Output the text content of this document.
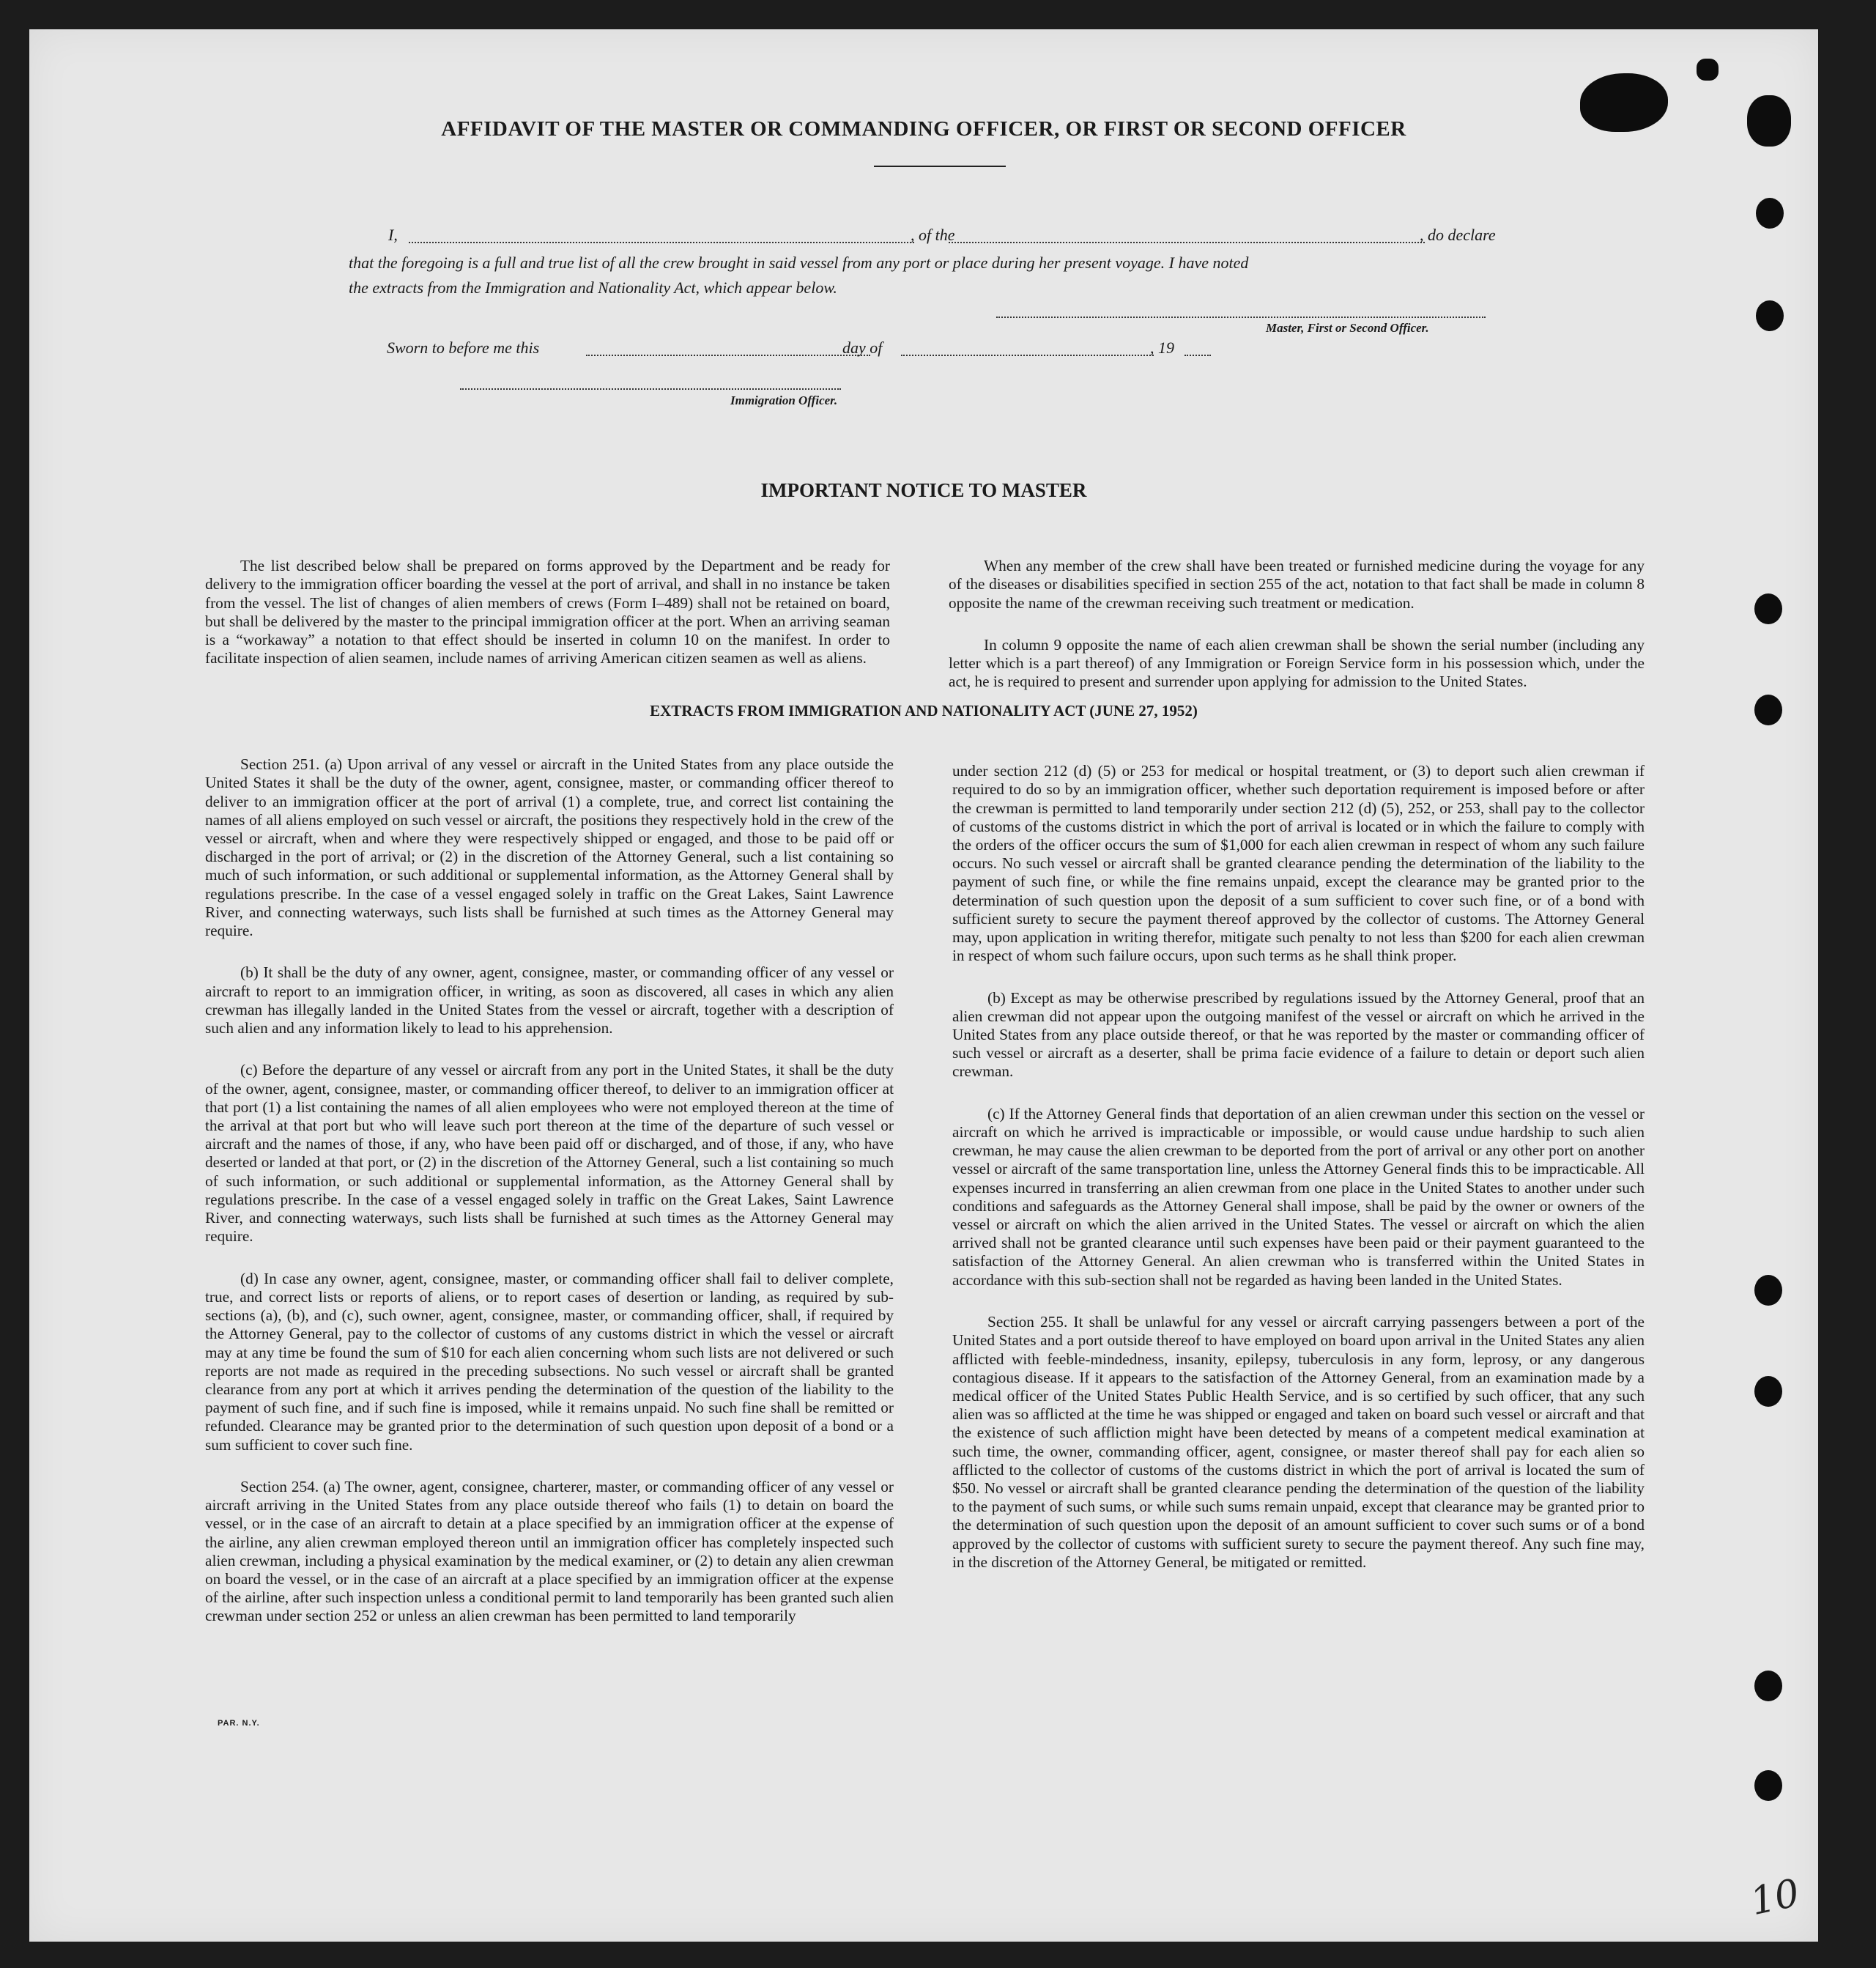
AFFIDAVIT OF THE MASTER OR COMMANDING OFFICER, OR FIRST OR SECOND OFFICER
I,	, of the	, do declare
that the foregoing is a full and true list of all the crew brought in said vessel from any port or place during her present voyage. I have noted
the extracts from the Immigration and Nationality Act, which appear below.
Master, First or Second Officer.
Sworn to before me this	day of	, 19
Immigration Officer.
IMPORTANT NOTICE TO MASTER

The list described below shall be prepared on forms approved by the Department and be ready for delivery to the immigration officer boarding the vessel at the port of arrival, and shall in no instance be taken from the vessel. The list of changes of alien members of crews (Form I–489) shall not be retained on board, but shall be delivered by the master to the principal immigration officer at the port. When an arriving seaman is a “workaway” a notation to that effect should be inserted in column 10 on the manifest. In order to facilitate inspection of alien seamen, include names of arriving American citizen seamen as well as aliens.

When any member of the crew shall have been treated or furnished medicine during the voyage for any of the diseases or disabilities specified in section 255 of the act, notation to that fact shall be made in column 8 opposite the name of the crewman receiving such treatment or medication.

In column 9 opposite the name of each alien crewman shall be shown the serial number (including any letter which is a part thereof) of any Immigration or Foreign Service form in his possession which, under the act, he is required to present and surrender upon applying for admission to the United States.

EXTRACTS FROM IMMIGRATION AND NATIONALITY ACT (JUNE 27, 1952)

Section 251. (a) Upon arrival of any vessel or aircraft in the United States from any place outside the United States it shall be the duty of the owner, agent, consignee, master, or commanding officer thereof to deliver to an immigration officer at the port of arrival (1) a complete, true, and correct list containing the names of all aliens employed on such vessel or aircraft, the positions they respectively hold in the crew of the vessel or aircraft, when and where they were respectively shipped or engaged, and those to be paid off or discharged in the port of arrival; or (2) in the discretion of the Attorney General, such a list containing so much of such information, or such additional or supplemental information, as the Attorney General shall by regulations prescribe. In the case of a vessel engaged solely in traffic on the Great Lakes, Saint Lawrence River, and connecting waterways, such lists shall be furnished at such times as the Attorney General may require.

(b) It shall be the duty of any owner, agent, consignee, master, or commanding officer of any vessel or aircraft to report to an immigration officer, in writing, as soon as discovered, all cases in which any alien crewman has illegally landed in the United States from the vessel or aircraft, together with a description of such alien and any information likely to lead to his apprehension.

(c) Before the departure of any vessel or aircraft from any port in the United States, it shall be the duty of the owner, agent, consignee, master, or commanding officer thereof, to deliver to an immigration officer at that port (1) a list containing the names of all alien employees who were not employed thereon at the time of the arrival at that port but who will leave such port thereon at the time of the departure of such vessel or aircraft and the names of those, if any, who have been paid off or discharged, and of those, if any, who have deserted or landed at that port, or (2) in the discretion of the Attorney General, such a list containing so much of such information, or such additional or supplemental information, as the Attorney General shall by regulations prescribe. In the case of a vessel engaged solely in traffic on the Great Lakes, Saint Lawrence River, and connecting waterways, such lists shall be furnished at such times as the Attorney General may require.

(d) In case any owner, agent, consignee, master, or commanding officer shall fail to deliver complete, true, and correct lists or reports of aliens, or to report cases of desertion or landing, as required by sub-sections (a), (b), and (c), such owner, agent, consignee, master, or commanding officer, shall, if required by the Attorney General, pay to the collector of customs of any customs district in which the vessel or aircraft may at any time be found the sum of $10 for each alien concerning whom such lists are not delivered or such reports are not made as required in the preceding subsections. No such vessel or aircraft shall be granted clearance from any port at which it arrives pending the determination of the question of the liability to the payment of such fine, and if such fine is imposed, while it remains unpaid. No such fine shall be remitted or refunded. Clearance may be granted prior to the determination of such question upon deposit of a bond or a sum sufficient to cover such fine.

Section 254. (a) The owner, agent, consignee, charterer, master, or commanding officer of any vessel or aircraft arriving in the United States from any place outside thereof who fails (1) to detain on board the vessel, or in the case of an aircraft to detain at a place specified by an immigration officer at the expense of the airline, any alien crewman employed thereon until an immigration officer has completely inspected such alien crewman, including a physical examination by the medical examiner, or (2) to detain any alien crewman on board the vessel, or in the case of an aircraft at a place specified by an immigration officer at the expense of the airline, after such inspection unless a conditional permit to land temporarily has been granted such alien crewman under section 252 or unless an alien crewman has been permitted to land temporarily

under section 212 (d) (5) or 253 for medical or hospital treatment, or (3) to deport such alien crewman if required to do so by an immigration officer, whether such deportation requirement is imposed before or after the crewman is permitted to land temporarily under section 212 (d) (5), 252, or 253, shall pay to the collector of customs of the customs district in which the port of arrival is located or in which the failure to comply with the orders of the officer occurs the sum of $1,000 for each alien crewman in respect of whom any such failure occurs. No such vessel or aircraft shall be granted clearance pending the determination of the liability to the payment of such fine, or while the fine remains unpaid, except the clearance may be granted prior to the determination of such question upon the deposit of a sum sufficient to cover such fine, or of a bond with sufficient surety to secure the payment thereof approved by the collector of customs. The Attorney General may, upon application in writing therefor, mitigate such penalty to not less than $200 for each alien crewman in respect of whom such failure occurs, upon such terms as he shall think proper.

(b) Except as may be otherwise prescribed by regulations issued by the Attorney General, proof that an alien crewman did not appear upon the outgoing manifest of the vessel or aircraft on which he arrived in the United States from any place outside thereof, or that he was reported by the master or commanding officer of such vessel or aircraft as a deserter, shall be prima facie evidence of a failure to detain or deport such alien crewman.

(c) If the Attorney General finds that deportation of an alien crewman under this section on the vessel or aircraft on which he arrived is impracticable or impossible, or would cause undue hardship to such alien crewman, he may cause the alien crewman to be deported from the port of arrival or any other port on another vessel or aircraft of the same transportation line, unless the Attorney General finds this to be impracticable. All expenses incurred in transferring an alien crewman from one place in the United States to another under such conditions and safeguards as the Attorney General shall impose, shall be paid by the owner or owners of the vessel or aircraft on which the alien arrived in the United States. The vessel or aircraft on which the alien arrived shall not be granted clearance until such expenses have been paid or their payment guaranteed to the satisfaction of the Attorney General. An alien crewman who is transferred within the United States in accordance with this sub-section shall not be regarded as having been landed in the United States.

Section 255. It shall be unlawful for any vessel or aircraft carrying passengers between a port of the United States and a port outside thereof to have employed on board upon arrival in the United States any alien afflicted with feeble-mindedness, insanity, epilepsy, tuberculosis in any form, leprosy, or any dangerous contagious disease. If it appears to the satisfaction of the Attorney General, from an examination made by a medical officer of the United States Public Health Service, and is so certified by such officer, that any such alien was so afflicted at the time he was shipped or engaged and taken on board such vessel or aircraft and that the existence of such affliction might have been detected by means of a competent medical examination at such time, the owner, commanding officer, agent, consignee, or master thereof shall pay for each alien so afflicted to the collector of customs of the customs district in which the port of arrival is located the sum of $50. No vessel or aircraft shall be granted clearance pending the determination of the question of the liability to the payment of such sums, or while such sums remain unpaid, except that clearance may be granted prior to the determination of such question upon the deposit of an amount sufficient to cover such sums or of a bond approved by the collector of customs with sufficient surety to secure the payment thereof. Any such fine may, in the discretion of the Attorney General, be mitigated or remitted.

PAR. N.Y.
10
